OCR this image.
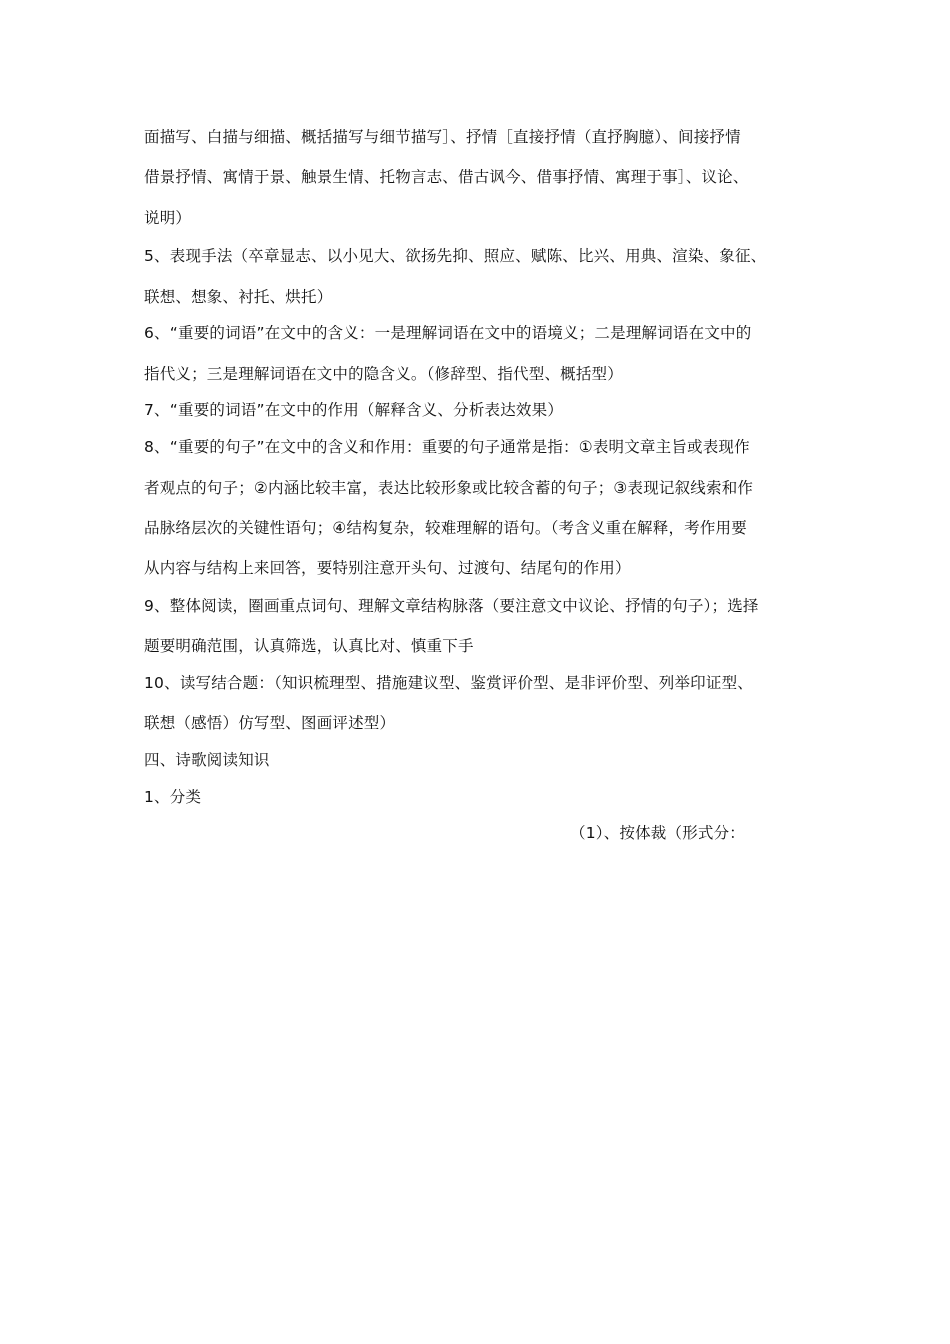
面描写、白描与细描、概括描写与细节描写］、抒情［直接抒情（直抒胸臆）、间接抒情
借景抒情、寓情于景、触景生情、托物言志、借古讽今、借事抒情、寓理于事］、议论、
说明）
5、表现手法（卒章显志、以小见大、欲扬先抑、照应、赋陈、比兴、用典、渲染、象征、
联想、想象、衬托、烘托）
6、“重要的词语”在文中的含义：一是理解词语在文中的语境义；二是理解词语在文中的
指代义；三是理解词语在文中的隐含义。（修辞型、指代型、概括型）
7、“重要的词语”在文中的作用（解释含义、分析表达效果）
8、“重要的句子”在文中的含义和作用：重要的句子通常是指：①表明文章主旨或表现作
者观点的句子；②内涵比较丰富，表达比较形象或比较含蓄的句子；③表现记叙线索和作
品脉络层次的关键性语句；④结构复杂，较难理解的语句。（考含义重在解释，考作用要
从内容与结构上来回答，要特别注意开头句、过渡句、结尾句的作用）
9、整体阅读，圈画重点词句、理解文章结构脉落（要注意文中议论、抒情的句子）；选择
题要明确范围，认真筛选，认真比对、慎重下手
10、读写结合题：（知识梳理型、措施建议型、鉴赏评价型、是非评价型、列举印证型、
联想（感悟）仿写型、图画评述型）
四、诗歌阅读知识
1、分类
（1）、按体裁（形式分：
